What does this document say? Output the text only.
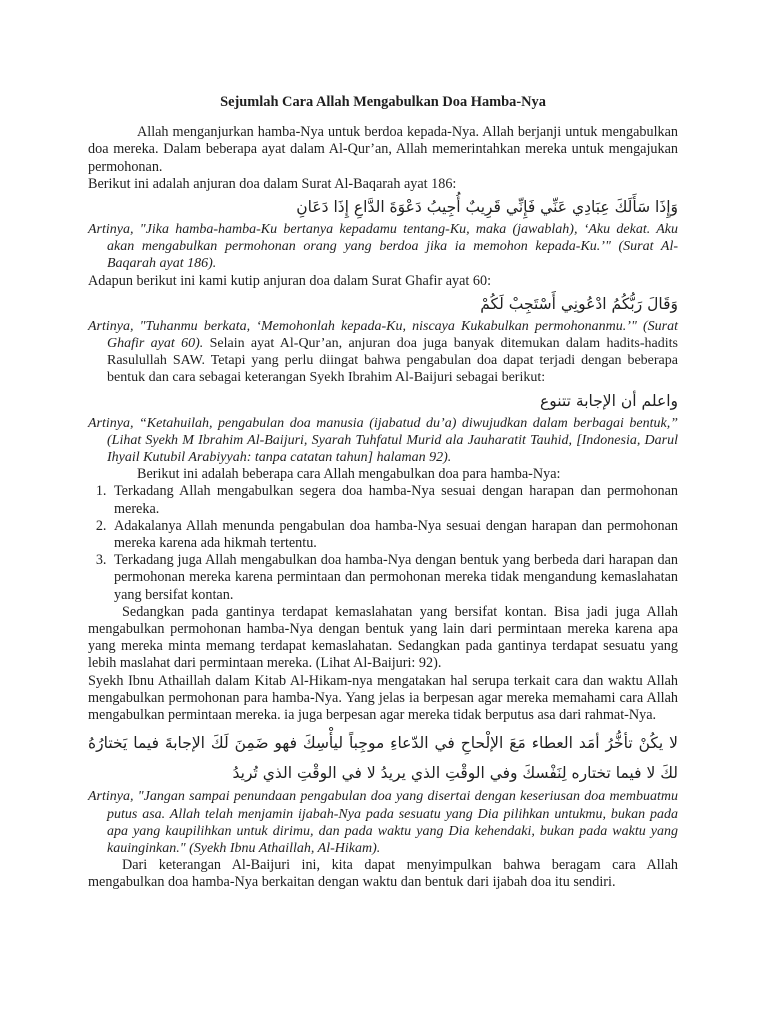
Sejumlah Cara Allah Mengabulkan Doa Hamba-Nya

Allah menganjurkan hamba-Nya untuk berdoa kepada-Nya. Allah berjanji untuk mengabulkan doa mereka. Dalam beberapa ayat dalam Al-Qur’an, Allah memerintahkan mereka untuk mengajukan permohonan.

Berikut ini adalah anjuran doa dalam Surat Al-Baqarah ayat 186:

وَإِذَا سَأَلَكَ عِبَادِي عَنِّي فَإِنِّي قَرِيبٌ أُجِيبُ دَعْوَةَ الدَّاعِ إِذَا دَعَانِ

Artinya, "Jika hamba-hamba-Ku bertanya kepadamu tentang-Ku, maka (jawablah), ‘Aku dekat. Aku akan mengabulkan permohonan orang yang berdoa jika ia memohon kepada-Ku.’" (Surat Al-Baqarah ayat 186).

Adapun berikut ini kami kutip anjuran doa dalam Surat Ghafir ayat 60:

وَقَالَ رَبُّكُمُ ادْعُونِي أَسْتَجِبْ لَكُمْ

Artinya, "Tuhanmu berkata, ‘Memohonlah kepada-Ku, niscaya Kukabulkan permohonanmu.’" (Surat Ghafir ayat 60). Selain ayat Al-Qur’an, anjuran doa juga banyak ditemukan dalam hadits-hadits Rasulullah SAW. Tetapi yang perlu diingat bahwa pengabulan doa dapat terjadi dengan beberapa bentuk dan cara sebagai keterangan Syekh Ibrahim Al-Baijuri sebagai berikut:

واعلم أن الإجابة تتنوع

Artinya, “Ketahuilah, pengabulan doa manusia (ijabatud du’a) diwujudkan dalam berbagai bentuk,” (Lihat Syekh M Ibrahim Al-Baijuri, Syarah Tuhfatul Murid ala Jauharatit Tauhid, [Indonesia, Darul Ihyail Kutubil Arabiyyah: tanpa catatan tahun] halaman 92).

Berikut ini adalah beberapa cara Allah mengabulkan doa para hamba-Nya:

1. Terkadang Allah mengabulkan segera doa hamba-Nya sesuai dengan harapan dan permohonan mereka.
2. Adakalanya Allah menunda pengabulan doa hamba-Nya sesuai dengan harapan dan permohonan mereka karena ada hikmah tertentu.
3. Terkadang juga Allah mengabulkan doa hamba-Nya dengan bentuk yang berbeda dari harapan dan permohonan mereka karena permintaan dan permohonan mereka tidak mengandung kemaslahatan yang bersifat kontan.

Sedangkan pada gantinya terdapat kemaslahatan yang bersifat kontan. Bisa jadi juga Allah mengabulkan permohonan hamba-Nya dengan bentuk yang lain dari permintaan mereka karena apa yang mereka minta memang terdapat kemaslahatan. Sedangkan pada gantinya terdapat sesuatu yang lebih maslahat dari permintaan mereka. (Lihat Al-Baijuri: 92).

Syekh Ibnu Athaillah dalam Kitab Al-Hikam-nya mengatakan hal serupa terkait cara dan waktu Allah mengabulkan permohonan para hamba-Nya. Yang jelas ia berpesan agar mereka memahami cara Allah mengabulkan permintaan mereka. ia juga berpesan agar mereka tidak berputus asa dari rahmat-Nya.

لا يكُنْ تأخُّرُ أمَد العطاء مَعَ الإلْحاحِ في الدّعاءِ موجِباً ليأْسِكَ فهو ضَمِنَ لَكَ الإجابةَ فيما يَختارُهُ لكَ لا فيما تختاره لِنَفْسكَ وفي الوقْتِ الذي يريدُ لا في الوقْتِ الذي تُريدُ

Artinya, "Jangan sampai penundaan pengabulan doa yang disertai dengan keseriusan doa membuatmu putus asa. Allah telah menjamin ijabah-Nya pada sesuatu yang Dia pilihkan untukmu, bukan pada apa yang kaupilihkan untuk dirimu, dan pada waktu yang Dia kehendaki, bukan pada waktu yang kauinginkan." (Syekh Ibnu Athaillah, Al-Hikam).

Dari keterangan Al-Baijuri ini, kita dapat menyimpulkan bahwa beragam cara Allah mengabulkan doa hamba-Nya berkaitan dengan waktu dan bentuk dari ijabah doa itu sendiri.
